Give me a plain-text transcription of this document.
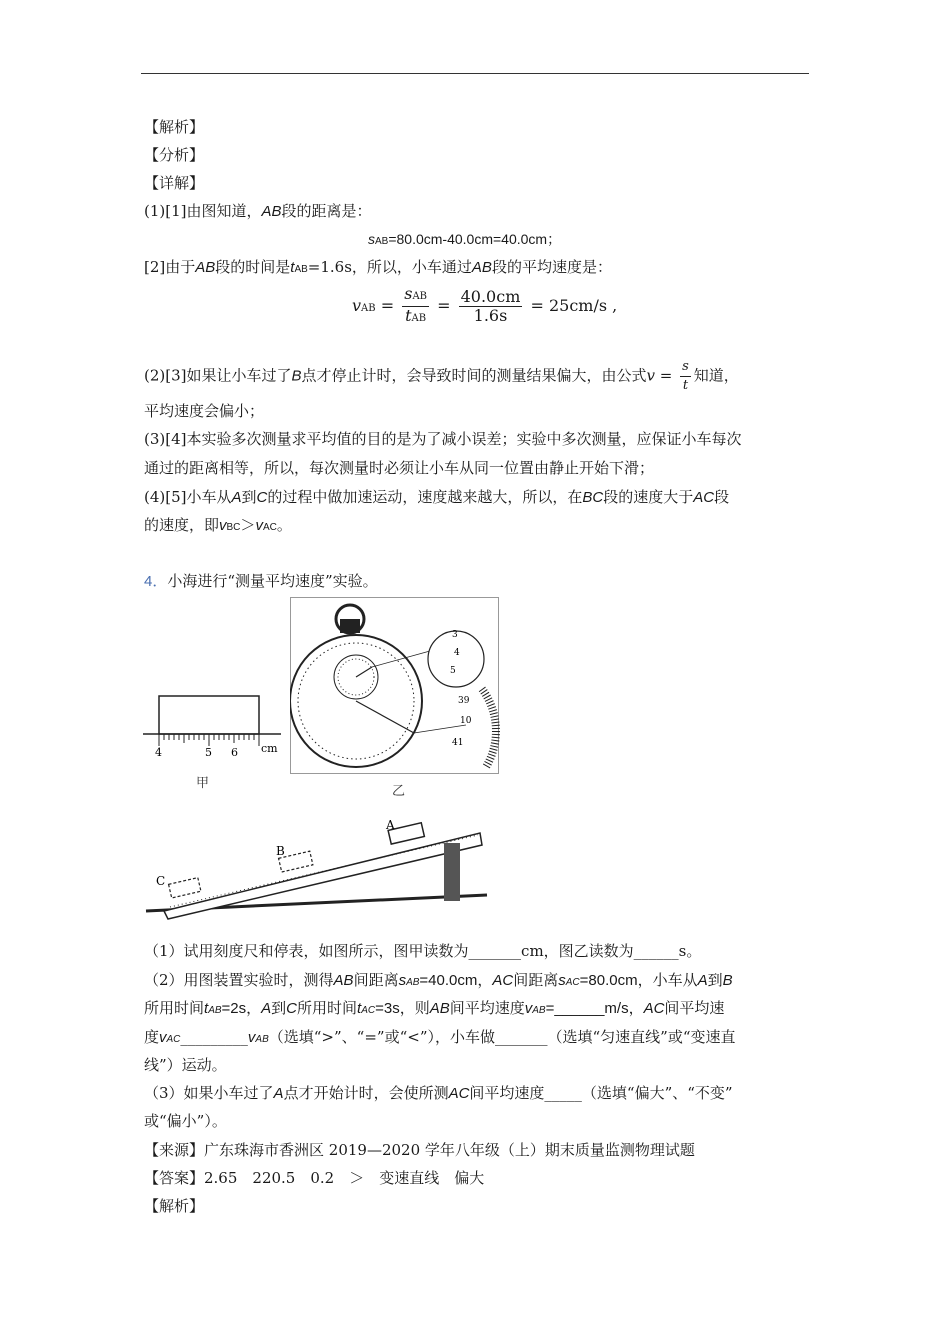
【解析】
【分析】
【详解】
(1)[1]由图知道，AB段的距离是：
sAB=80.0cm-40.0cm=40.0cm；
[2]由于AB段的时间是tAB=1.6s，所以，小车通过AB段的平均速度是：
vAB = $\frac{\text{sAB}}{\text{tAB}} = \frac{40.0cm}{1.6s} = 25cm/s$ ,
(2)[3]如果让小车过了B点才停止计时，会导致时间的测量结果偏大，由公式$v = \frac{s}{t}$ 知道，
平均速度会偏小；
(3)[4]本实验多次测量求平均值的目的是为了减小误差；实验中多次测量，应保证小车每次
通过的距离相等，所以，每次测量时必须让小车从同一位置由静止开始下滑；
(4)[5]小车从A到C的过程中做加速运动，速度越来越大，所以，在BC段的速度大于AC段
的速度，即vBC＞vAC。
4．小海进行“测量平均速度”实验。
4	5 6 cm
甲
3
4
5
39
10
41
乙
A
B
C
（1）试用刻度尺和停表，如图所示，图甲读数为_______cm，图乙读数为______s。
（2）用图装置实验时，测得AB间距离sAB=40.0cm，AC间距离sAC=80.0cm，小车从A到B
所用时间tAB=2s，A到C所用时间tAC=3s，则AB间平均速度vAB=______m/s，AC间平均速
度vAC_________vAB（选填“>”、“=”或“<”），小车做_______（选填“匀速直线”或“变速直
线”）运动。
（3）如果小车过了A点才开始计时，会使所测AC间平均速度_____（选填“偏大”、“不变”
或“偏小”）。
【来源】广东珠海市香洲区 2019—2020 学年八年级（上）期末质量监测物理试题
【答案】2.65　220.5　0.2　＞　变速直线　偏大
【解析】
